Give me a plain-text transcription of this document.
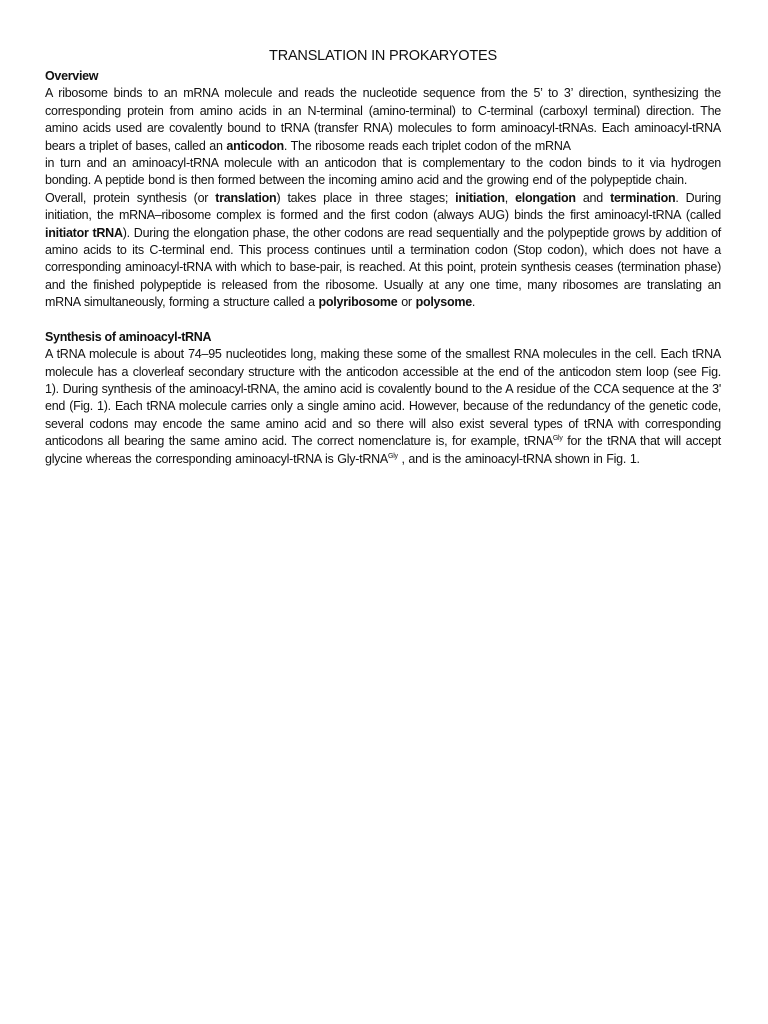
TRANSLATION IN PROKARYOTES
Overview

A ribosome binds to an mRNA molecule and reads the nucleotide sequence from the 5’ to 3’ direction, synthesizing the corresponding protein from amino acids in an N-terminal (amino-terminal) to C-terminal (carboxyl terminal) direction. The amino acids used are covalently bound to tRNA (transfer RNA) molecules to form aminoacyl-tRNAs. Each aminoacyl-tRNA bears a triplet of bases, called an anticodon. The ribosome reads each triplet codon of the mRNA

in turn and an aminoacyl-tRNA molecule with an anticodon that is complementary to the codon binds to it via hydrogen bonding. A peptide bond is then formed between the incoming amino acid and the growing end of the polypeptide chain.

Overall, protein synthesis (or translation) takes place in three stages; initiation, elongation and termination. During initiation, the mRNA–ribosome complex is formed and the first codon (always AUG) binds the first aminoacyl-tRNA (called initiator tRNA). During the elongation phase, the other codons are read sequentially and the polypeptide grows by addition of amino acids to its C-terminal end. This process continues until a termination codon (Stop codon), which does not have a corresponding aminoacyl-tRNA with which to base-pair, is reached. At this point, protein synthesis ceases (termination phase) and the finished polypeptide is released from the ribosome. Usually at any one time, many ribosomes are translating an mRNA simultaneously, forming a structure called a polyribosome or polysome.

Synthesis of aminoacyl-tRNA

A tRNA molecule is about 74–95 nucleotides long, making these some of the smallest RNA molecules in the cell. Each tRNA molecule has a cloverleaf secondary structure with the anticodon accessible at the end of the anticodon stem loop (see Fig. 1). During synthesis of the aminoacyl-tRNA, the amino acid is covalently bound to the A residue of the CCA sequence at the 3' end (Fig. 1). Each tRNA molecule carries only a single amino acid. However, because of the redundancy of the genetic code, several codons may encode the same amino acid and so there will also exist several types of tRNA with corresponding anticodons all bearing the same amino acid. The correct nomenclature is, for example, tRNA$^{Gly}$ for the tRNA that will accept glycine whereas the corresponding aminoacyl-tRNA is Gly-tRNA$^{Gly}$ , and is the aminoacyl-tRNA shown in Fig. 1.
